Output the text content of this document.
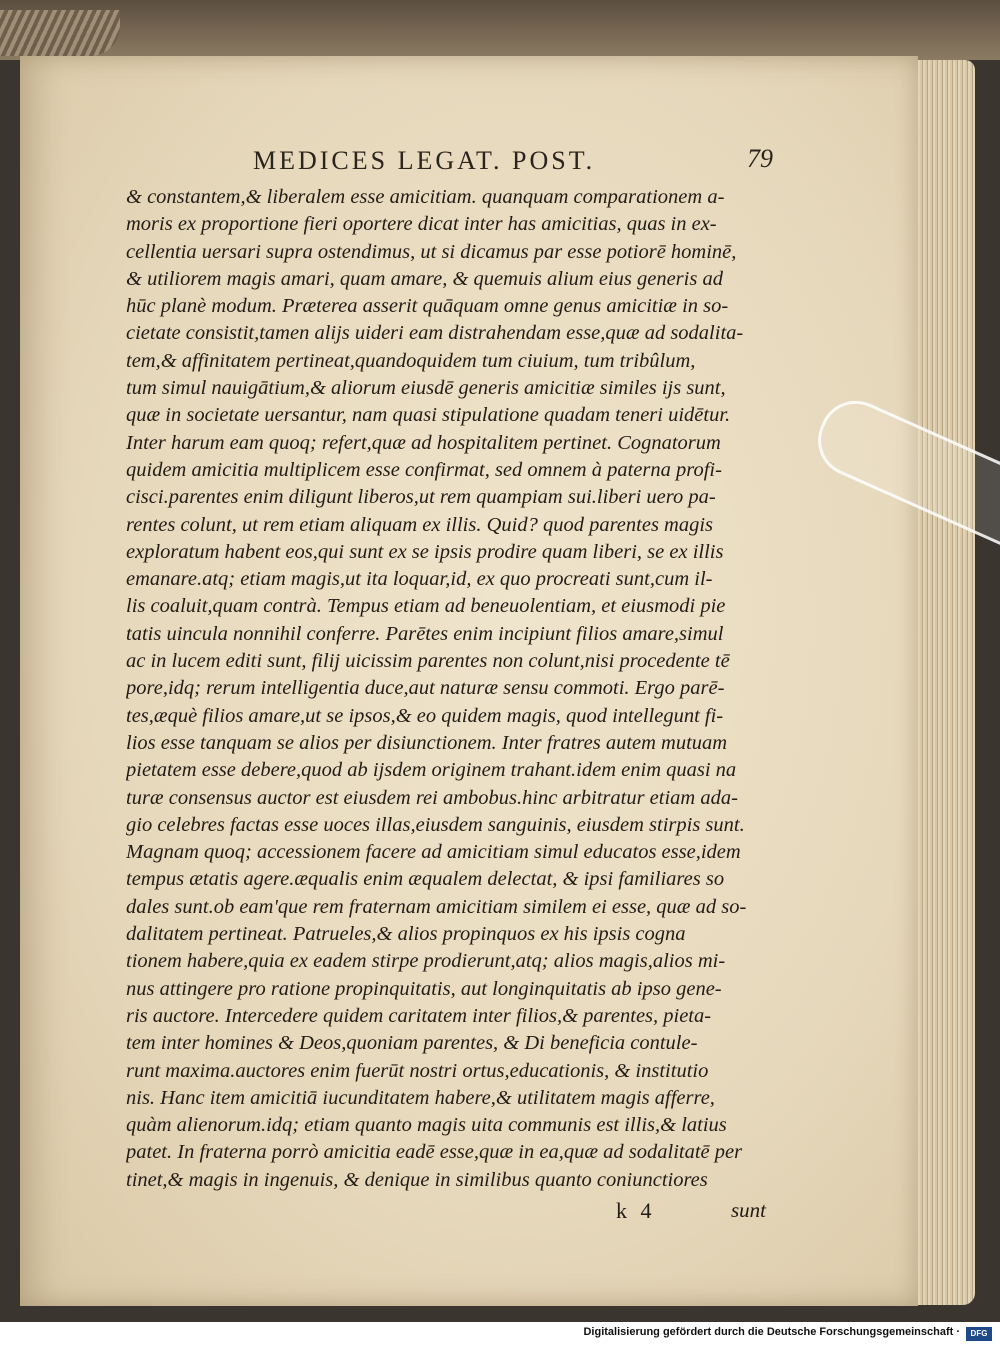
MEDICES LEGAT. POST.	79
& constantem,& liberalem esse amicitiam. quanquam comparationem a-
moris ex proportione fieri oportere dicat inter has amicitias, quas in ex-
cellentia uersari supra ostendimus, ut si dicamus par esse potiorē hominē,
& utiliorem magis amari, quam amare, & quemuis alium eius generis ad
hūc planè modum. Præterea asserit quāquam omne genus amicitiæ in so-
cietate consistit,tamen alijs uideri eam distrahendam esse,quæ ad sodalita-
tem,& affinitatem pertineat,quandoquidem tum ciuium, tum tribûlum,
tum simul nauigātium,& aliorum eiusdē generis amicitiæ similes ijs sunt,
quæ in societate uersantur, nam quasi stipulatione quadam teneri uidētur.
Inter harum eam quoq; refert,quæ ad hospitalitem pertinet. Cognatorum
quidem amicitia multiplicem esse confirmat, sed omnem à paterna profi-
cisci.parentes enim diligunt liberos,ut rem quampiam sui.liberi uero pa-
rentes colunt, ut rem etiam aliquam ex illis. Quid? quod parentes magis
exploratum habent eos,qui sunt ex se ipsis prodire quam liberi, se ex illis
emanare.atq; etiam magis,ut ita loquar,id, ex quo procreati sunt,cum il-
lis coaluit,quam contrà. Tempus etiam ad beneuolentiam, et eiusmodi pie
tatis uincula nonnihil conferre. Parētes enim incipiunt filios amare,simul
ac in lucem editi sunt, filij uicissim parentes non colunt,nisi procedente tē
pore,idq; rerum intelligentia duce,aut naturæ sensu commoti. Ergo parē-
tes,æquè filios amare,ut se ipsos,& eo quidem magis, quod intellegunt fi-
lios esse tanquam se alios per disiunctionem. Inter fratres autem mutuam
pietatem esse debere,quod ab ijsdem originem trahant.idem enim quasi na
turæ consensus auctor est eiusdem rei ambobus.hinc arbitratur etiam ada-
gio celebres factas esse uoces illas,eiusdem sanguinis, eiusdem stirpis sunt.
Magnam quoq; accessionem facere ad amicitiam simul educatos esse,idem
tempus ætatis agere.æqualis enim æqualem delectat, & ipsi familiares so
dales sunt.ob eam'que rem fraternam amicitiam similem ei esse, quæ ad so-
dalitatem pertineat. Patrueles,& alios propinquos ex his ipsis cogna
tionem habere,quia ex eadem stirpe prodierunt,atq; alios magis,alios mi-
nus attingere pro ratione propinquitatis, aut longinquitatis ab ipso gene-
ris auctore. Intercedere quidem caritatem inter filios,& parentes, pieta-
tem inter homines & Deos,quoniam parentes, & Di beneficia contule-
runt maxima.auctores enim fuerūt nostri ortus,educationis, & institutio
nis. Hanc item amicitiā iucunditatem habere,& utilitatem magis afferre,
quàm alienorum.idq; etiam quanto magis uita communis est illis,& latius
patet. In fraterna porrò amicitia eadē esse,quæ in ea,quæ ad sodalitatē per
tinet,& magis in ingenuis, & denique in similibus quanto coniunctiores
k 4	sunt
Digitalisierung gefördert durch die Deutsche Forschungsgemeinschaft ·	DFG
